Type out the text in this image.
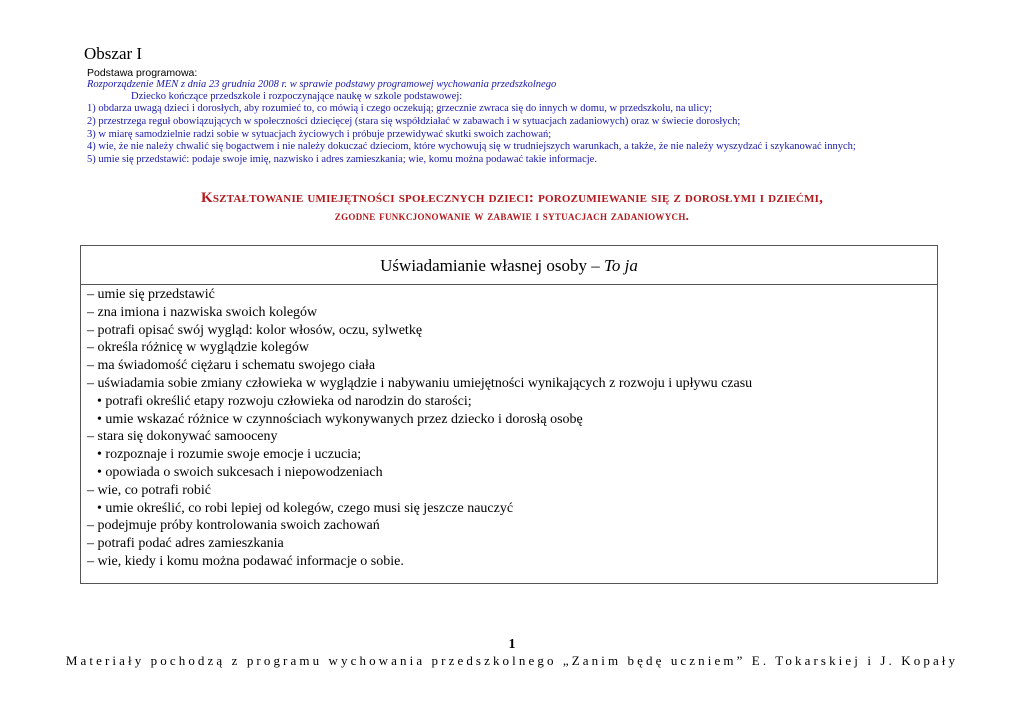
Obszar I
Podstawa programowa:
Rozporządzenie MEN z dnia 23 grudnia 2008 r. w sprawie podstawy programowej wychowania przedszkolnego
Dziecko kończące przedszkole i rozpoczynające naukę w szkole podstawowej:
1) obdarza uwagą dzieci i dorosłych, aby rozumieć to, co mówią i czego oczekują; grzecznie zwraca się do innych w domu, w przedszkolu, na ulicy;
2) przestrzega reguł obowiązujących w społeczności dziecięcej (stara się współdziałać w zabawach i w sytuacjach zadaniowych) oraz w świecie dorosłych;
3) w miarę samodzielnie radzi sobie w sytuacjach życiowych i próbuje przewidywać skutki swoich zachowań;
4) wie, że nie należy chwalić się bogactwem i nie należy dokuczać dzieciom, które wychowują się w trudniejszych warunkach, a także, że nie należy wyszydzać i szykanować innych;
5) umie się przedstawić: podaje swoje imię, nazwisko i adres zamieszkania; wie, komu można podawać takie informacje.
Kształtowanie umiejętności społecznych dzieci: porozumiewanie się z dorosłymi i dziećmi,
zgodne funkcjonowanie w zabawie i sytuacjach zadaniowych.
Uświadamianie własnej osoby – To ja
– umie się przedstawić
– zna imiona i nazwiska swoich kolegów
– potrafi opisać swój wygląd: kolor włosów, oczu, sylwetkę
– określa różnicę w wyglądzie kolegów
– ma świadomość ciężaru i schematu swojego ciała
– uświadamia sobie zmiany człowieka w wyglądzie i nabywaniu umiejętności wynikających z rozwoju i upływu czasu
• potrafi określić etapy rozwoju człowieka od narodzin do starości;
• umie wskazać różnice w czynnościach wykonywanych przez dziecko i dorosłą osobę
– stara się dokonywać samooceny
• rozpoznaje i rozumie swoje emocje i uczucia;
• opowiada o swoich sukcesach i niepowodzeniach
– wie, co potrafi robić
• umie określić, co robi lepiej od kolegów, czego musi się jeszcze nauczyć
– podejmuje próby kontrolowania swoich zachowań
– potrafi podać adres zamieszkania
– wie, kiedy i komu można podawać informacje o sobie.
1
Materiały pochodzą z programu wychowania przedszkolnego „Zanim będę uczniem” E. Tokarskiej i J. Kopały
